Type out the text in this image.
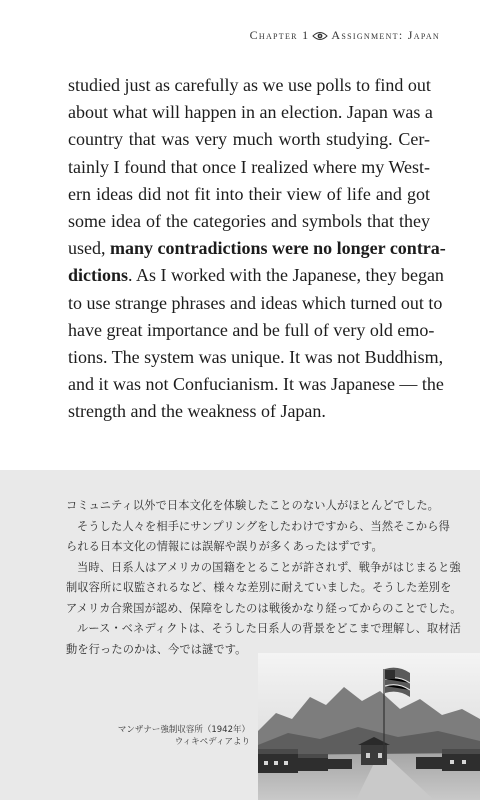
Chapter 1 Assignment: Japan
studied just as carefully as we use polls to find out
about what will happen in an election. Japan was a
country that was very much worth studying. Cer-
tainly I found that once I realized where my West-
ern ideas did not fit into their view of life and got
some idea of the categories and symbols that they
used, many contradictions were no longer contra-
dictions. As I worked with the Japanese, they began
to use strange phrases and ideas which turned out to
have great importance and be full of very old emo-
tions. The system was unique. It was not Buddhism,
and it was not Confucianism. It was Japanese — the
strength and the weakness of Japan.
コミュニティ以外で日本文化を体験したことのない人がほとんどでした。
そうした人々を相手にサンプリングをしたわけですから、当然そこから得
られる日本文化の情報には誤解や誤りが多くあったはずです。
当時、日系人はアメリカの国籍をとることが許されず、戦争がはじまると強
制収容所に収監されるなど、様々な差別に耐えていました。そうした差別を
アメリカ合衆国が認め、保障をしたのは戦後かなり経ってからのことでした。
ルース・ベネディクトは、そうした日系人の背景をどこまで理解し、取材活
動を行ったのかは、今では謎です。
マンザナー強制収容所（1942年）
ウィキペディアより
